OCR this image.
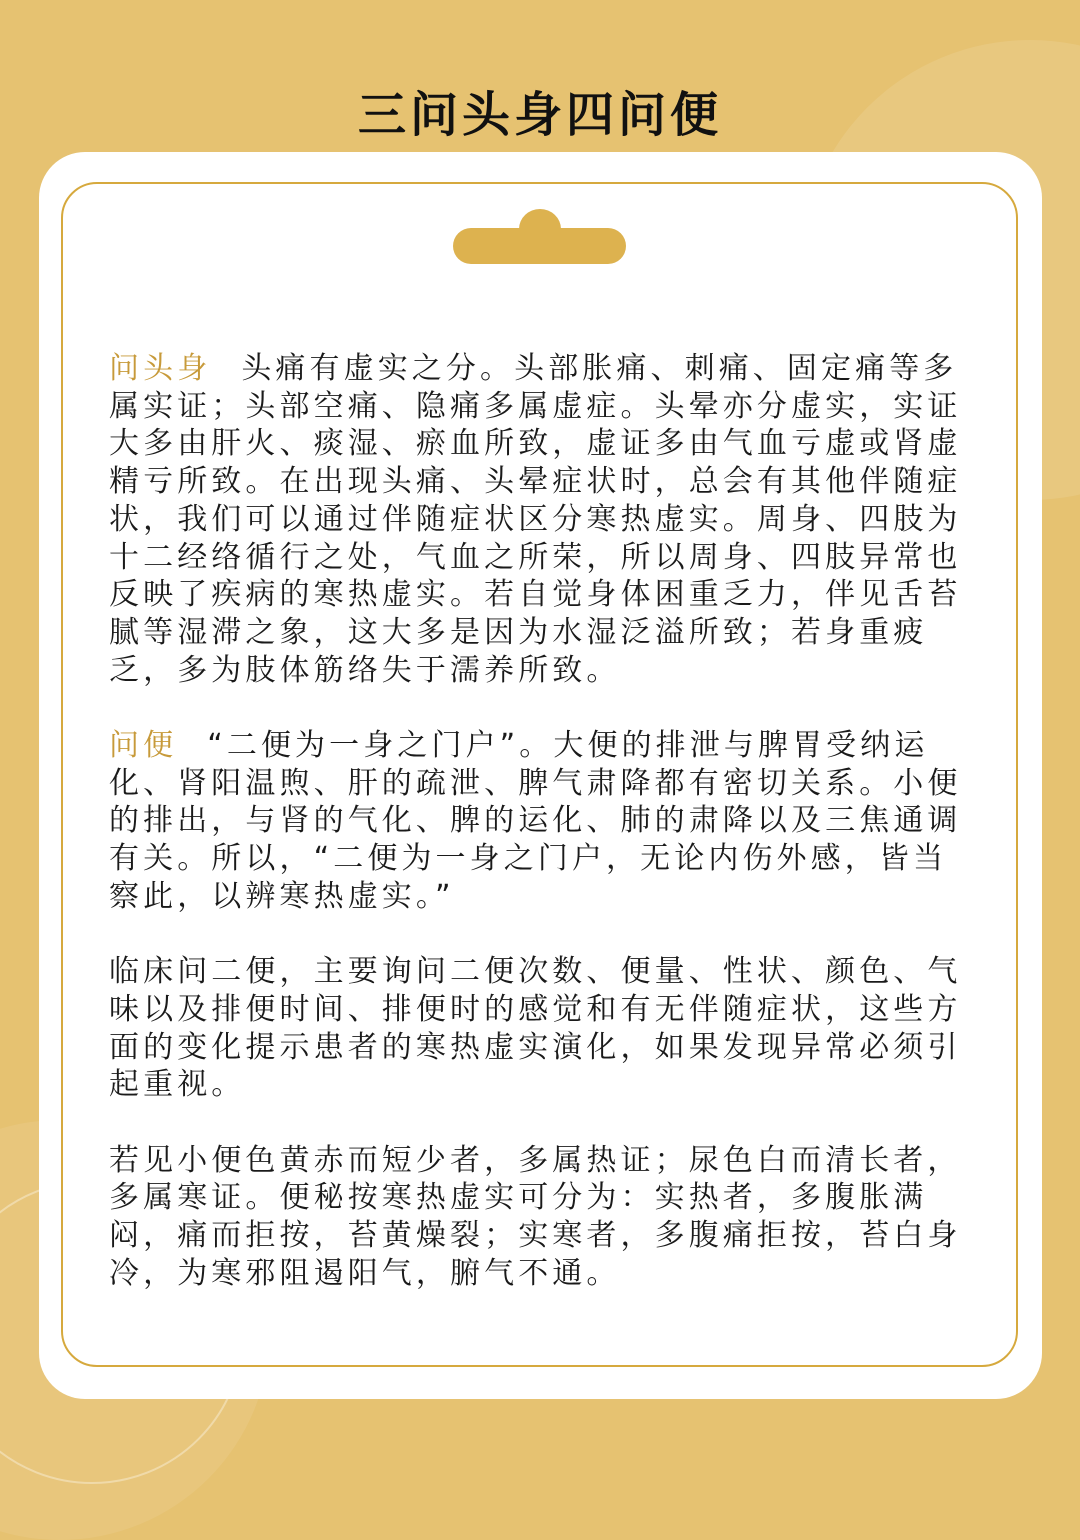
三问头身四问便

问头身 头痛有虚实之分。头部胀痛、刺痛、固定痛等多属实证；头部空痛、隐痛多属虚症。头晕亦分虚实，实证大多由肝火、痰湿、瘀血所致，虚证多由气血亏虚或肾虚精亏所致。在出现头痛、头晕症状时，总会有其他伴随症状，我们可以通过伴随症状区分寒热虚实。周身、四肢为十二经络循行之处，气血之所荣，所以周身、四肢异常也反映了疾病的寒热虚实。若自觉身体困重乏力，伴见舌苔腻等湿滞之象，这大多是因为水湿泛溢所致；若身重疲乏，多为肢体筋络失于濡养所致。

问便 “二便为一身之门户”。大便的排泄与脾胃受纳运化、肾阳温煦、肝的疏泄、脾气肃降都有密切关系。小便的排出，与肾的气化、脾的运化、肺的肃降以及三焦通调有关。所以，“二便为一身之门户，无论内伤外感，皆当察此，以辨寒热虚实。”

临床问二便，主要询问二便次数、便量、性状、颜色、气味以及排便时间、排便时的感觉和有无伴随症状，这些方面的变化提示患者的寒热虚实演化，如果发现异常必须引起重视。

若见小便色黄赤而短少者，多属热证；尿色白而清长者，多属寒证。便秘按寒热虚实可分为：实热者，多腹胀满闷，痛而拒按，苔黄燥裂；实寒者，多腹痛拒按，苔白身冷，为寒邪阻遏阳气，腑气不通。
